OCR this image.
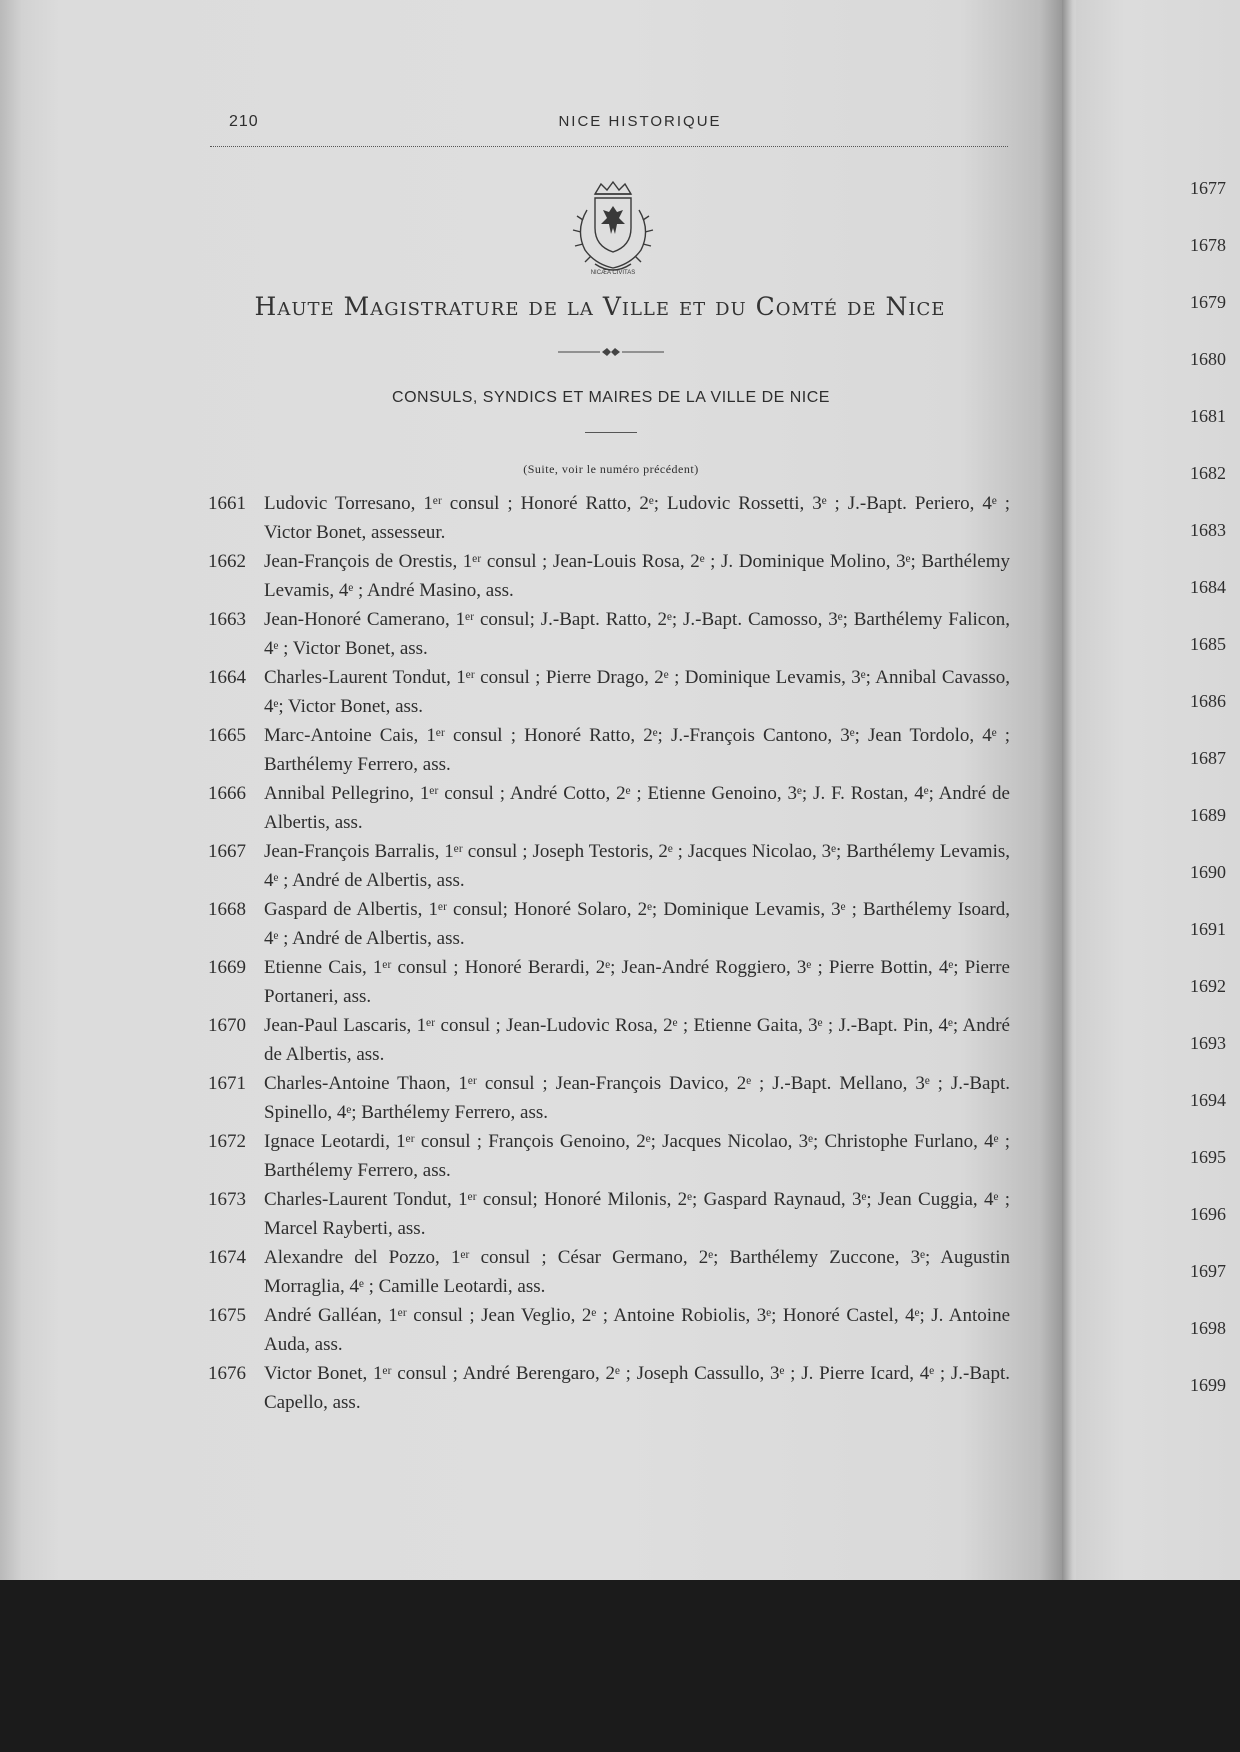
210	NICE HISTORIQUE
NICÆA CIVITAS
Haute Magistrature de la Ville et du Comté de Nice
CONSULS, SYNDICS ET MAIRES DE LA VILLE DE NICE
(Suite, voir le numéro précédent)
1661 Ludovic Torresano, 1ᵉʳ consul ; Honoré Ratto, 2ᵉ; Ludovic Rossetti, 3ᵉ ; J.-Bapt. Periero, 4ᵉ ; Victor Bonet, assesseur.
1662 Jean-François de Orestis, 1ᵉʳ consul ; Jean-Louis Rosa, 2ᵉ ; J. Dominique Molino, 3ᵉ; Barthélemy Levamis, 4ᵉ ; André Masino, ass.
1663 Jean-Honoré Camerano, 1ᵉʳ consul; J.-Bapt. Ratto, 2ᵉ; J.-Bapt. Camosso, 3ᵉ; Barthélemy Falicon, 4ᵉ ; Victor Bonet, ass.
1664 Charles-Laurent Tondut, 1ᵉʳ consul ; Pierre Drago, 2ᵉ ; Dominique Levamis, 3ᵉ; Annibal Cavasso, 4ᵉ; Victor Bonet, ass.
1665 Marc-Antoine Cais, 1ᵉʳ consul ; Honoré Ratto, 2ᵉ; J.-François Cantono, 3ᵉ; Jean Tordolo, 4ᵉ ; Barthélemy Ferrero, ass.
1666 Annibal Pellegrino, 1ᵉʳ consul ; André Cotto, 2ᵉ ; Etienne Genoino, 3ᵉ; J. F. Rostan, 4ᵉ; André de Albertis, ass.
1667 Jean-François Barralis, 1ᵉʳ consul ; Joseph Testoris, 2ᵉ ; Jacques Nicolao, 3ᵉ; Barthélemy Levamis, 4ᵉ ; André de Albertis, ass.
1668 Gaspard de Albertis, 1ᵉʳ consul; Honoré Solaro, 2ᵉ; Dominique Levamis, 3ᵉ ; Barthélemy Isoard, 4ᵉ ; André de Albertis, ass.
1669 Etienne Cais, 1ᵉʳ consul ; Honoré Berardi, 2ᵉ; Jean-André Roggiero, 3ᵉ ; Pierre Bottin, 4ᵉ; Pierre Portaneri, ass.
1670 Jean-Paul Lascaris, 1ᵉʳ consul ; Jean-Ludovic Rosa, 2ᵉ ; Etienne Gaita, 3ᵉ ; J.-Bapt. Pin, 4ᵉ; André de Albertis, ass.
1671 Charles-Antoine Thaon, 1ᵉʳ consul ; Jean-François Davico, 2ᵉ ; J.-Bapt. Mellano, 3ᵉ ; J.-Bapt. Spinello, 4ᵉ; Barthélemy Ferrero, ass.
1672 Ignace Leotardi, 1ᵉʳ consul ; François Genoino, 2ᵉ; Jacques Nicolao, 3ᵉ; Christophe Furlano, 4ᵉ ; Barthélemy Ferrero, ass.
1673 Charles-Laurent Tondut, 1ᵉʳ consul; Honoré Milonis, 2ᵉ; Gaspard Raynaud, 3ᵉ; Jean Cuggia, 4ᵉ ; Marcel Rayberti, ass.
1674 Alexandre del Pozzo, 1ᵉʳ consul ; César Germano, 2ᵉ; Barthélemy Zuccone, 3ᵉ; Augustin Morraglia, 4ᵉ ; Camille Leotardi, ass.
1675 André Galléan, 1ᵉʳ consul ; Jean Veglio, 2ᵉ ; Antoine Robiolis, 3ᵉ; Honoré Castel, 4ᵉ; J. Antoine Auda, ass.
1676 Victor Bonet, 1ᵉʳ consul ; André Berengaro, 2ᵉ ; Joseph Cassullo, 3ᵉ ; J. Pierre Icard, 4ᵉ ; J.-Bapt. Capello, ass.
1677
1678
1679
1680
1681
1682
1683
1684
1685
1686
1687
1689
1690
1691
1692
1693
1694
1695
1696
1697
1698
1699
